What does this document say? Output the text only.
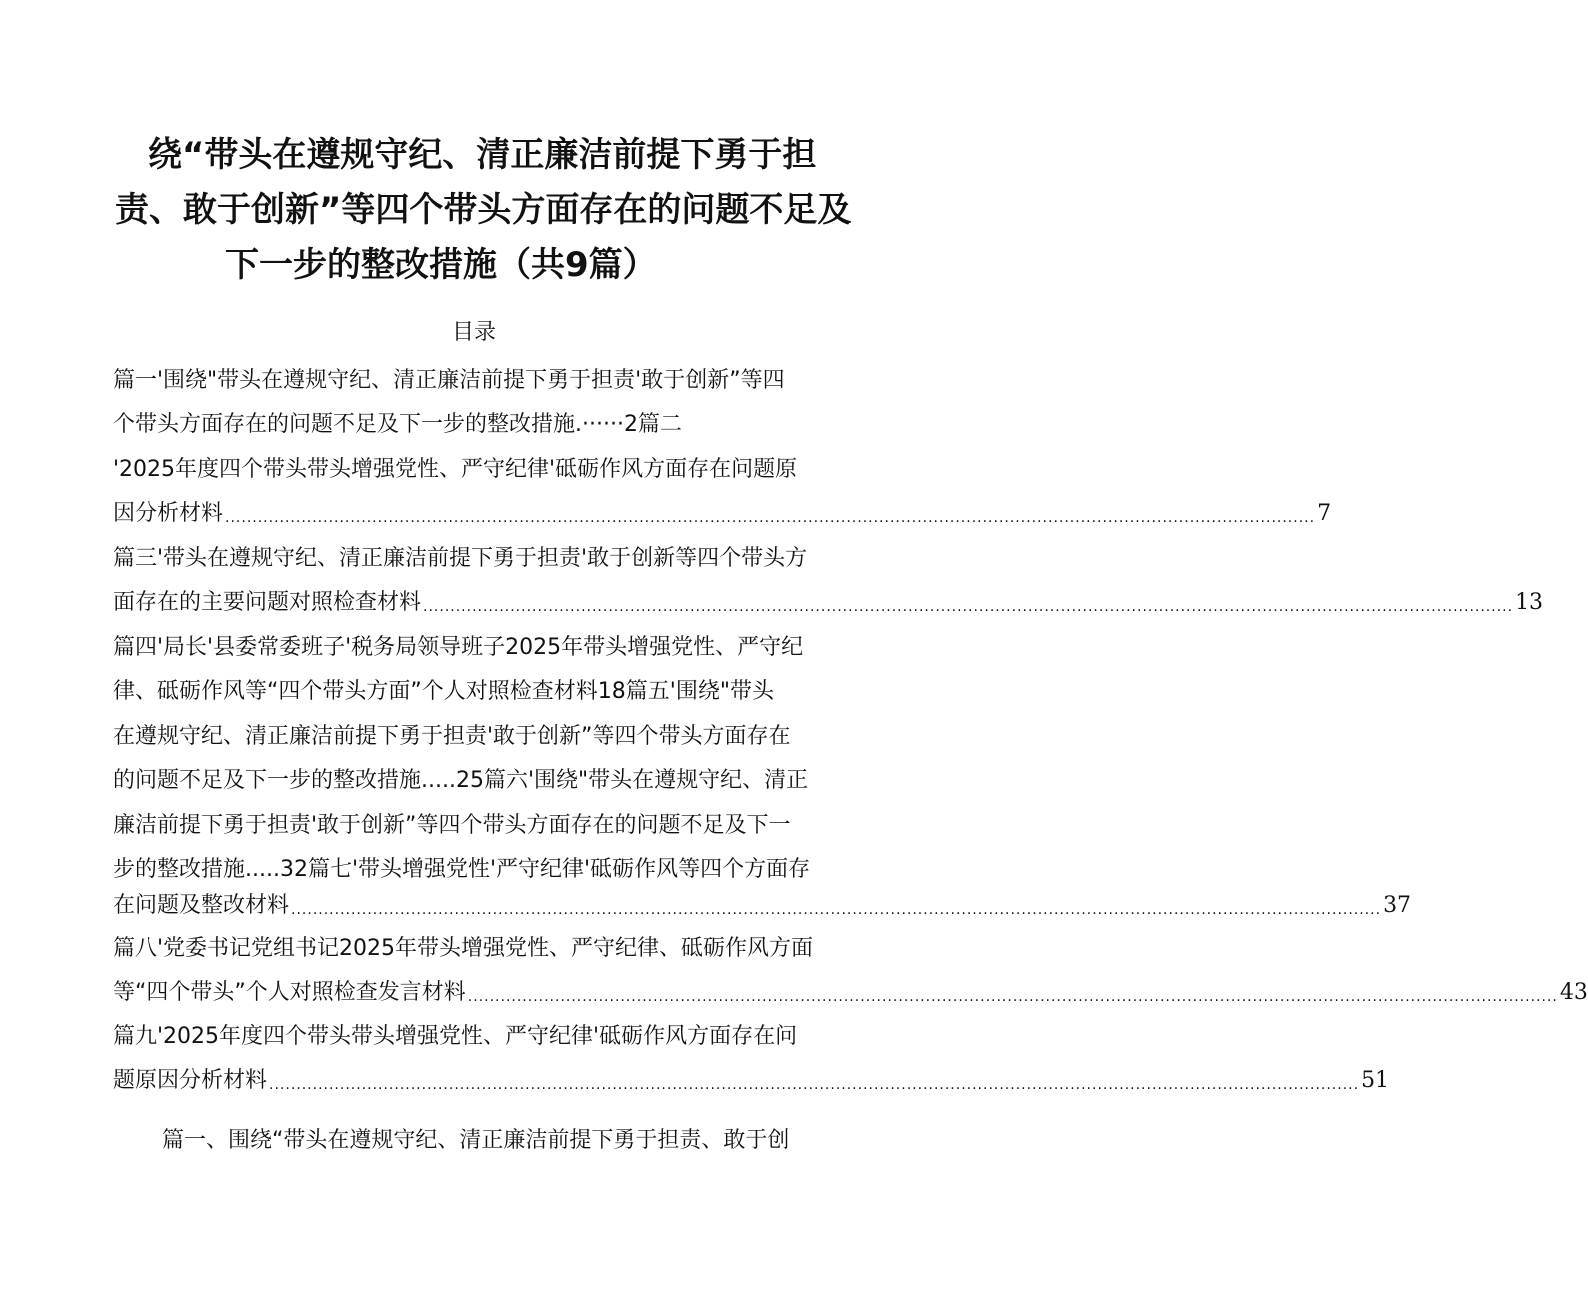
绕“带头在遵规守纪、清正廉洁前提下勇于担
责、敢于创新”等四个带头方面存在的问题不足及
下一步的整改措施（共9篇）
目录
篇一'围绕"带头在遵规守纪、清正廉洁前提下勇于担责'敢于创新”等四
个带头方面存在的问题不足及下一步的整改措施.······2篇二
'2025年度四个带头带头增强党性、严守纪律'砥砺作风方面存在问题原
因分析材料 ........................................................................................................................................................................................................ 7
篇三'带头在遵规守纪、清正廉洁前提下勇于担责'敢于创新等四个带头方
面存在的主要问题对照检查材料 ........................................................................................................................................................................................................ 13
篇四'局长'县委常委班子'税务局领导班子2025年带头增强党性、严守纪
律、砥砺作风等“四个带头方面”个人对照检查材料18篇五'围绕"带头
在遵规守纪、清正廉洁前提下勇于担责'敢于创新”等四个带头方面存在
的问题不足及下一步的整改措施.....25篇六'围绕"带头在遵规守纪、清正
廉洁前提下勇于担责'敢于创新”等四个带头方面存在的问题不足及下一
步的整改措施.....32篇七'带头增强党性'严守纪律'砥砺作风等四个方面存
在问题及整改材料 ........................................................................................................................................................................................................ 37
篇八'党委书记党组书记2025年带头增强党性、严守纪律、砥砺作风方面
等“四个带头”个人对照检查发言材料 ........................................................................................................................................................................................................ 43
篇九'2025年度四个带头带头增强党性、严守纪律'砥砺作风方面存在问
题原因分析材料 ........................................................................................................................................................................................................ 51
篇一、围绕“带头在遵规守纪、清正廉洁前提下勇于担责、敢于创
